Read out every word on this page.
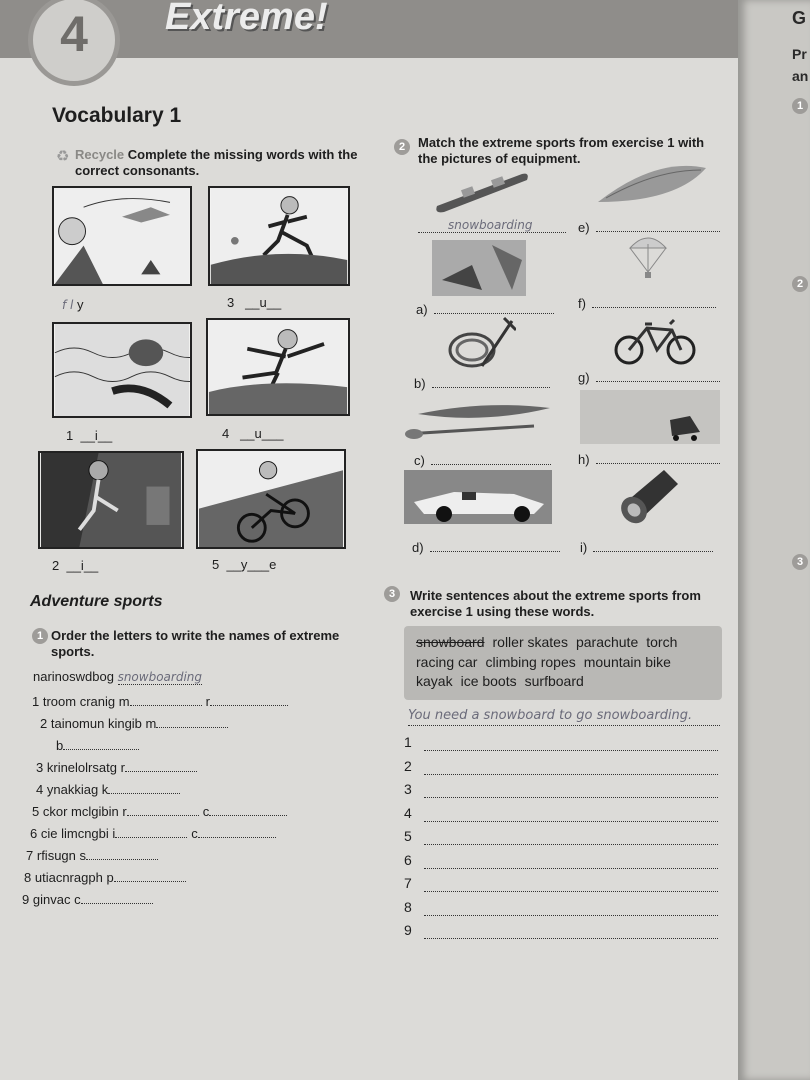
4	Extreme!
Vocabulary 1
♻ Recycle Complete the missing words with the correct consonants.
f l y	3   __u__
1  __i__	4   __u___
2  __i__	5  __y___e
Adventure sports
1 Order the letters to write the names of extreme sports.
narinoswdbog snowboarding
1 troom cranig m	r
2 tainomun kingib m
b
3 krinelolrsatg r
4 ynakkiag k
5 ckor mclgibin r	c
6 cie limcngbi i	c
7 rfisugn s
8 utiacnragph p
9 ginvac c
2 Match the extreme sports from exercise 1 with the pictures of equipment.
a)
b)
c)
d)
e)
f)
g)
h)
i)
snowboarding
3	Write sentences about the extreme sports from exercise 1 using these words.
snowboard roller skates parachute torch
racing car climbing ropes mountain bike
kayak ice boots surfboard
You need a snowboard to go snowboarding.
1
2
3
4
5
6
7
8
9
G
Pr
an
1
2
3
